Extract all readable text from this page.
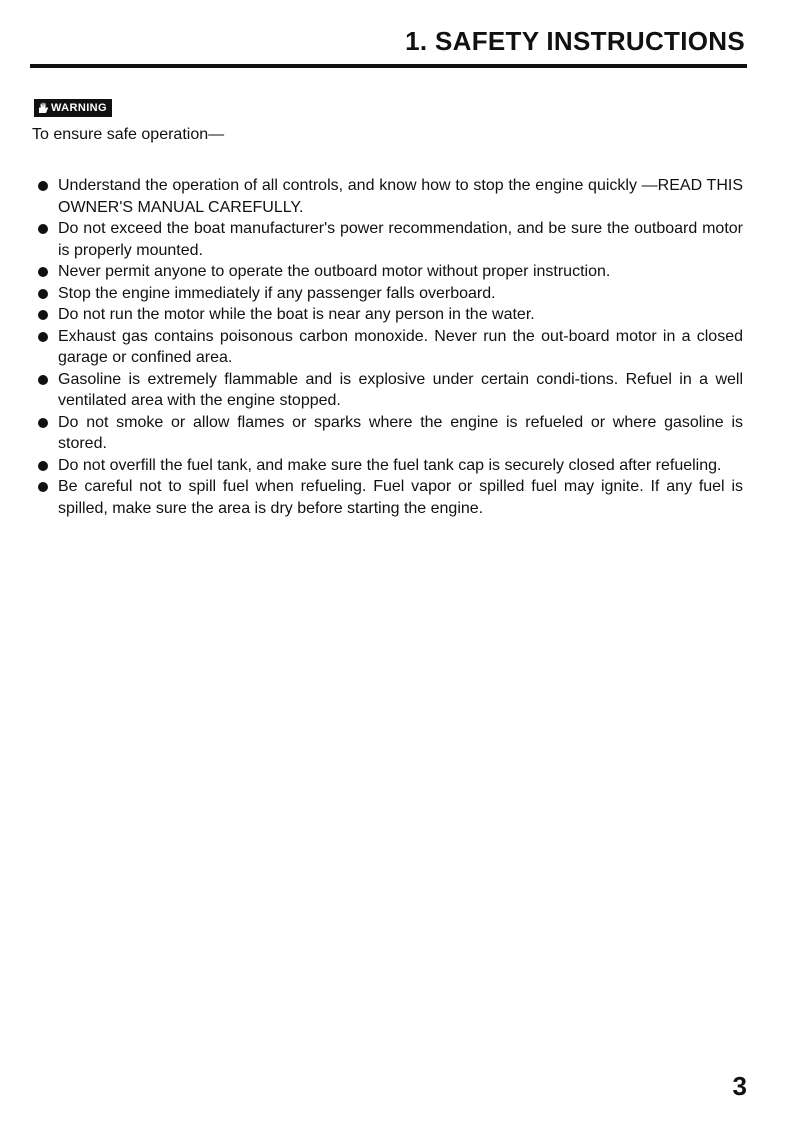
1. SAFETY INSTRUCTIONS
WARNING

To ensure safe operation—

Understand the operation of all controls, and know how to stop the engine quickly —READ THIS OWNER'S MANUAL CAREFULLY.
Do not exceed the boat manufacturer's power recommendation, and be sure the outboard motor is properly mounted.
Never permit anyone to operate the outboard motor without proper instruction.
Stop the engine immediately if any passenger falls overboard.
Do not run the motor while the boat is near any person in the water.
Exhaust gas contains poisonous carbon monoxide. Never run the out-board motor in a closed garage or confined area.
Gasoline is extremely flammable and is explosive under certain condi-tions. Refuel in a well ventilated area with the engine stopped.
Do not smoke or allow flames or sparks where the engine is refueled or where gasoline is stored.
Do not overfill the fuel tank, and make sure the fuel tank cap is securely closed after refueling.
Be careful not to spill fuel when refueling. Fuel vapor or spilled fuel may ignite. If any fuel is spilled, make sure the area is dry before starting the engine.

3
